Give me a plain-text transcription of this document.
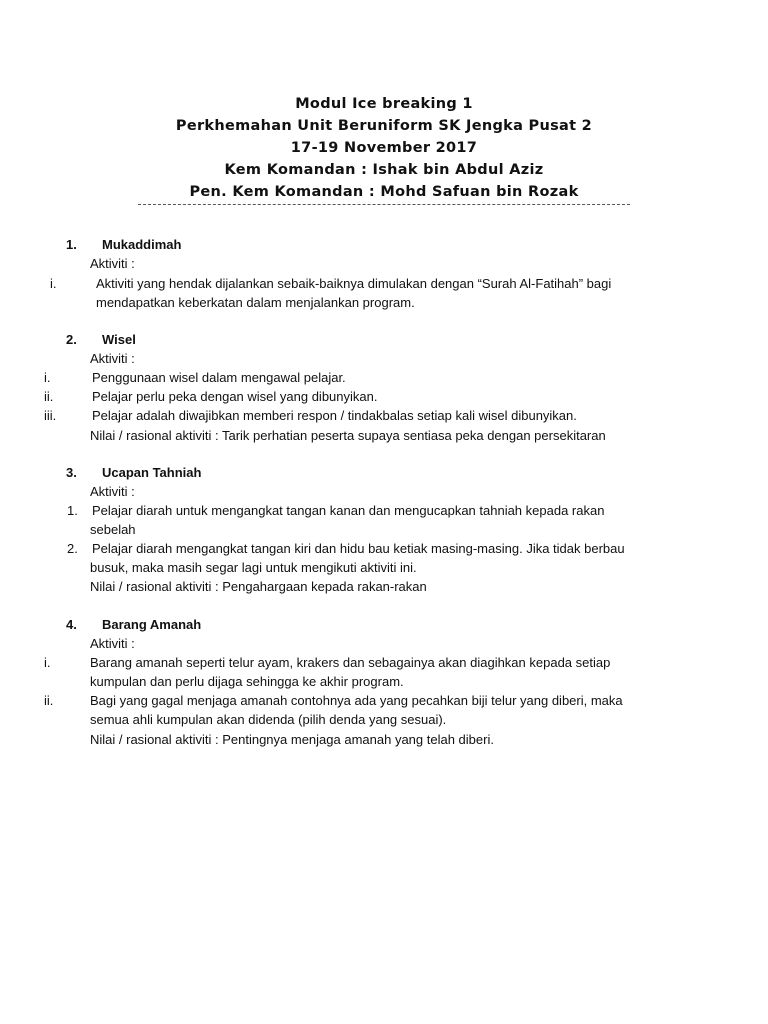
Modul Ice breaking 1
Perkhemahan Unit Beruniform SK Jengka Pusat 2
17-19 November 2017
Kem Komandan : Ishak bin Abdul Aziz
Pen. Kem Komandan : Mohd Safuan bin Rozak
1. Mukaddimah
Aktiviti :
i.	Aktiviti yang hendak dijalankan sebaik-baiknya dimulakan dengan “Surah Al-Fatihah” bagi
mendapatkan keberkatan dalam menjalankan program.
2. Wisel
Aktiviti :
i.	Penggunaan wisel dalam mengawal pelajar.
ii.	Pelajar perlu peka dengan wisel yang dibunyikan.
iii.	Pelajar adalah diwajibkan memberi respon / tindakbalas setiap kali wisel dibunyikan.
Nilai / rasional aktiviti : Tarik perhatian peserta supaya sentiasa peka dengan persekitaran
3. Ucapan Tahniah
Aktiviti :
1. Pelajar diarah untuk mengangkat tangan kanan dan mengucapkan tahniah kepada rakan
sebelah
2. Pelajar diarah mengangkat tangan kiri dan hidu bau ketiak masing-masing. Jika tidak berbau
busuk, maka masih segar lagi untuk mengikuti aktiviti ini.
Nilai / rasional aktiviti : Pengahargaan kepada rakan-rakan
4. Barang Amanah
Aktiviti :
i.	Barang amanah seperti telur ayam, krakers dan sebagainya akan diagihkan kepada setiap
kumpulan dan perlu dijaga sehingga ke akhir program.
ii.	Bagi yang gagal menjaga amanah contohnya ada yang pecahkan biji telur yang diberi, maka
semua ahli kumpulan akan didenda (pilih denda yang sesuai).
Nilai / rasional aktiviti : Pentingnya menjaga amanah yang telah diberi.
